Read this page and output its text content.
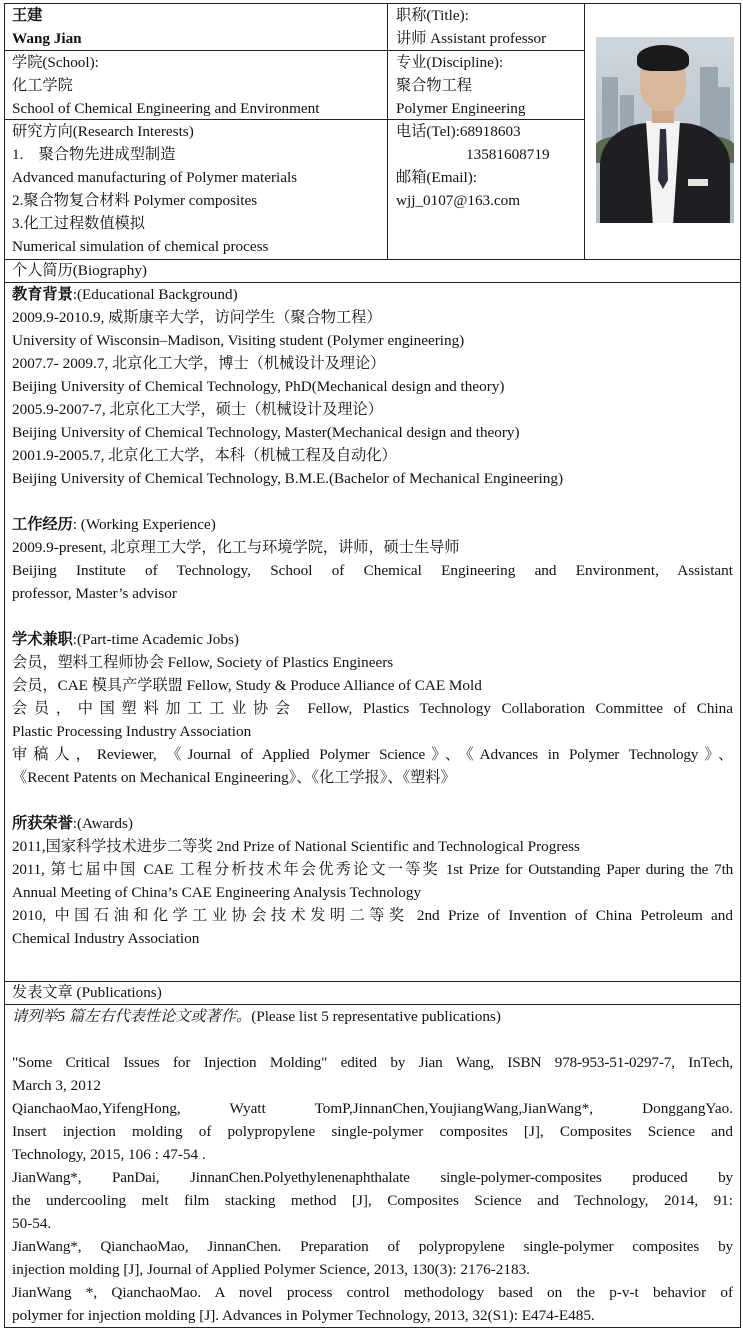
王建
Wang Jian
职称(Title):
讲师 Assistant professor
学院(School):
化工学院
School of Chemical Engineering and Environment
专业(Discipline):
聚合物工程
Polymer Engineering
研究方向(Research Interests)
1.　聚合物先进成型制造
Advanced manufacturing of Polymer materials
2.聚合物复合材料 Polymer composites
3.化工过程数值模拟
Numerical simulation of chemical process
电话(Tel):68918603
13581608719
邮箱(Email):
wjj_0107@163.com
个人简历(Biography)
教育背景:(Educational Background)
2009.9-2010.9, 威斯康辛大学，访问学生（聚合物工程）
University of Wisconsin–Madison, Visiting student (Polymer engineering)
2007.7- 2009.7, 北京化工大学，博士（机械设计及理论）
Beijing University of Chemical Technology, PhD(Mechanical design and theory)
2005.9-2007-7, 北京化工大学，硕士（机械设计及理论）
Beijing University of Chemical Technology, Master(Mechanical design and theory)
2001.9-2005.7, 北京化工大学，本科（机械工程及自动化）
Beijing University of Chemical Technology, B.M.E.(Bachelor of Mechanical Engineering)
工作经历: (Working Experience)
2009.9-present, 北京理工大学，化工与环境学院，讲师，硕士生导师
Beijing Institute of Technology, School of Chemical Engineering and Environment, Assistant
professor, Master’s advisor
学术兼职:(Part-time Academic Jobs)
会员，塑料工程师协会 Fellow, Society of Plastics Engineers
会员，CAE 模具产学联盟 Fellow, Study & Produce Alliance of CAE Mold
会员，中国塑料加工工业协会 Fellow, Plastics Technology Collaboration Committee of China
Plastic Processing Industry Association
审稿人，Reviewer, 《Journal of Applied Polymer Science》、《Advances in Polymer Technology》、
《Recent Patents on Mechanical Engineering》、《化工学报》、《塑料》
所获荣誉:(Awards)
2011,国家科学技术进步二等奖 2nd Prize of National Scientific and Technological Progress
2011, 第七届中国 CAE 工程分析技术年会优秀论文一等奖 1st Prize for Outstanding Paper during the 7th
Annual Meeting of China’s CAE Engineering Analysis Technology
2010, 中国石油和化学工业协会技术发明二等奖 2nd Prize of Invention of China Petroleum and
Chemical Industry Association
发表文章 (Publications)
请列举5 篇左右代表性论文或著作。(Please list 5 representative publications)
"Some Critical Issues for Injection Molding" edited by Jian Wang, ISBN 978-953-51-0297-7, InTech,
March 3, 2012
QianchaoMao,YifengHong, Wyatt TomP,JinnanChen,YoujiangWang,JianWang*, DonggangYao.
Insert injection molding of polypropylene single-polymer composites [J], Composites Science and
Technology, 2015, 106 : 47-54 .
JianWang*, PanDai, JinnanChen.Polyethylenenaphthalate single-polymer-composites produced by
the undercooling melt film stacking method [J], Composites Science and Technology, 2014, 91:
50-54.
JianWang*, QianchaoMao, JinnanChen. Preparation of polypropylene single-polymer composites by
injection molding [J], Journal of Applied Polymer Science, 2013, 130(3): 2176-2183.
JianWang *, QianchaoMao. A novel process control methodology based on the p-v-t behavior of
polymer for injection molding [J]. Advances in Polymer Technology, 2013, 32(S1): E474-E485.
